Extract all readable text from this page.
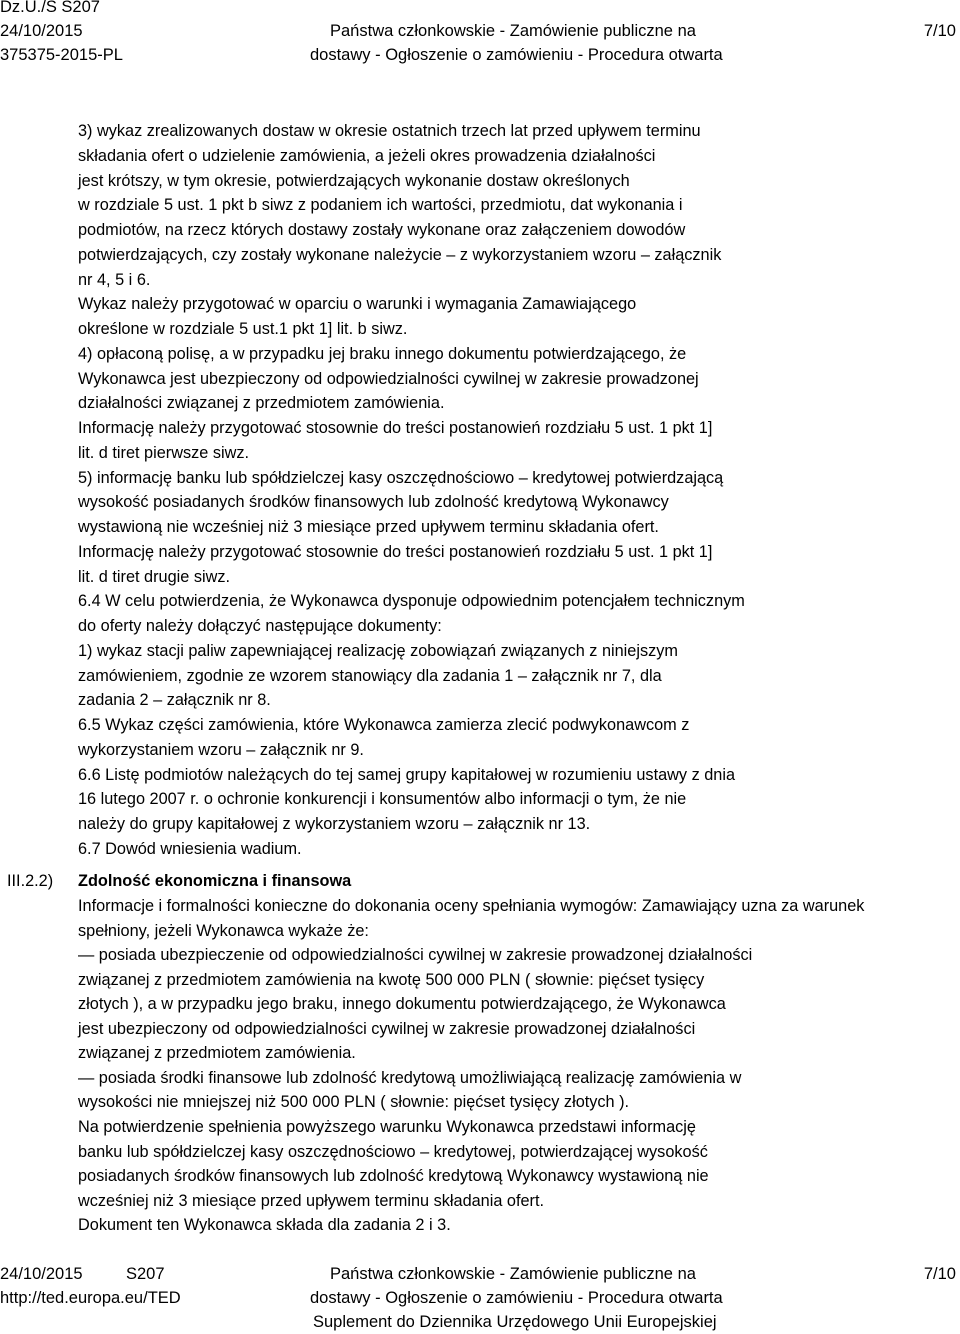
Dz.U./S S207
24/10/2015
375375-2015-PL
Państwa członkowskie - Zamówienie publiczne na
dostawy - Ogłoszenie o zamówieniu - Procedura otwarta
7/10
3) wykaz zrealizowanych dostaw w okresie ostatnich trzech lat przed upływem terminu
składania ofert o udzielenie zamówienia, a jeżeli okres prowadzenia działalności
jest krótszy, w tym okresie, potwierdzających wykonanie dostaw określonych
w rozdziale 5 ust. 1 pkt b siwz z podaniem ich wartości, przedmiotu, dat wykonania i
podmiotów, na rzecz których dostawy zostały wykonane oraz załączeniem dowodów
potwierdzających, czy zostały wykonane należycie – z wykorzystaniem wzoru – załącznik
nr 4, 5 i 6.
Wykaz należy przygotować w oparciu o warunki i wymagania Zamawiającego
określone w rozdziale 5 ust.1 pkt 1] lit. b siwz.
4) opłaconą polisę, a w przypadku jej braku innego dokumentu potwierdzającego, że
Wykonawca jest ubezpieczony od odpowiedzialności cywilnej w zakresie prowadzonej
działalności związanej z przedmiotem zamówienia.
Informację należy przygotować stosownie do treści postanowień rozdziału 5 ust. 1 pkt 1]
lit. d tiret pierwsze siwz.
5) informację banku lub spółdzielczej kasy oszczędnościowo – kredytowej potwierdzającą
wysokość posiadanych środków finansowych lub zdolność kredytową Wykonawcy
wystawioną nie wcześniej niż 3 miesiące przed upływem terminu składania ofert.
Informację należy przygotować stosownie do treści postanowień rozdziału 5 ust. 1 pkt 1]
lit. d tiret drugie siwz.
6.4 W celu potwierdzenia, że Wykonawca dysponuje odpowiednim potencjałem technicznym
do oferty należy dołączyć następujące dokumenty:
1) wykaz stacji paliw zapewniającej realizację zobowiązań związanych z niniejszym
zamówieniem, zgodnie ze wzorem stanowiący dla zadania 1 – załącznik nr 7, dla
zadania 2 – załącznik nr 8.
6.5 Wykaz części zamówienia, które Wykonawca zamierza zlecić podwykonawcom z
wykorzystaniem wzoru – załącznik nr 9.
6.6 Listę podmiotów należących do tej samej grupy kapitałowej w rozumieniu ustawy z dnia
16 lutego 2007 r. o ochronie konkurencji i konsumentów albo informacji o tym, że nie
należy do grupy kapitałowej z wykorzystaniem wzoru – załącznik nr 13.
6.7 Dowód wniesienia wadium.
III.2.2) Zdolność ekonomiczna i finansowa
Informacje i formalności konieczne do dokonania oceny spełniania wymogów: Zamawiający uzna za warunek
spełniony, jeżeli Wykonawca wykaże że:
— posiada ubezpieczenie od odpowiedzialności cywilnej w zakresie prowadzonej działalności
związanej z przedmiotem zamówienia na kwotę 500 000 PLN ( słownie: pięćset tysięcy
złotych ), a w przypadku jego braku, innego dokumentu potwierdzającego, że Wykonawca
jest ubezpieczony od odpowiedzialności cywilnej w zakresie prowadzonej działalności
związanej z przedmiotem zamówienia.
— posiada środki finansowe lub zdolność kredytową umożliwiającą realizację zamówienia w
wysokości nie mniejszej niż 500 000 PLN ( słownie: pięćset tysięcy złotych ).
Na potwierdzenie spełnienia powyższego warunku Wykonawca przedstawi informację
banku lub spółdzielczej kasy oszczędnościowo – kredytowej, potwierdzającej wysokość
posiadanych środków finansowych lub zdolność kredytową Wykonawcy wystawioną nie
wcześniej niż 3 miesiące przed upływem terminu składania ofert.
Dokument ten Wykonawca składa dla zadania 2 i 3.
24/10/2015	S207
http://ted.europa.eu/TED
Państwa członkowskie - Zamówienie publiczne na
dostawy - Ogłoszenie o zamówieniu - Procedura otwarta
Suplement do Dziennika Urzędowego Unii Europejskiej
7/10
